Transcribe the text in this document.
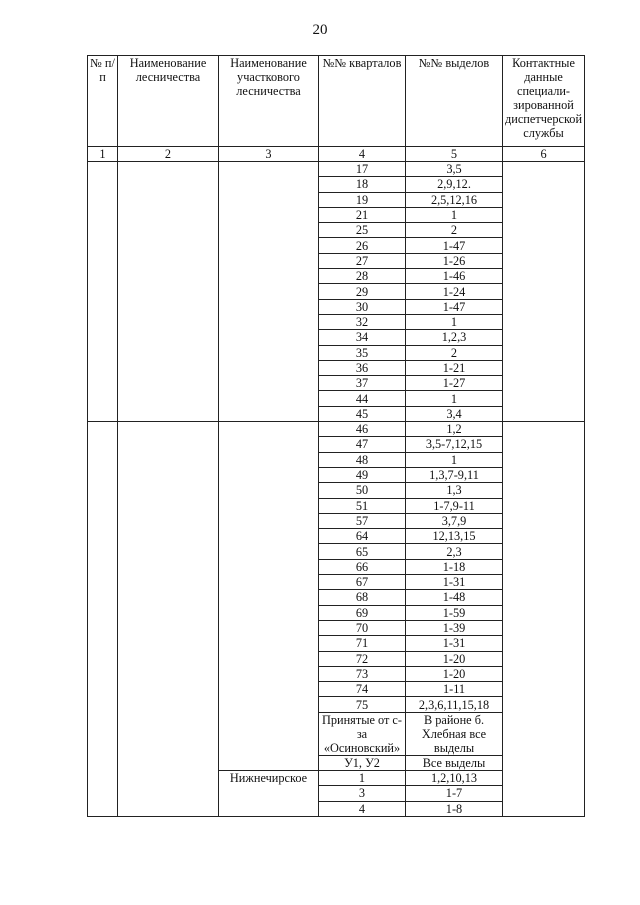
20
№ п/п	Наименование лесничества	Наименование участкового лесничества	№№ кварталов	№№ выделов	Контактные данные специали-зированной диспетчерской службы
1	2	3	4	5	6
			17	3,5	
			18	2,9,12.	
			19	2,5,12,16	
			21	1	
			25	2	
			26	1-47	
			27	1-26	
			28	1-46	
			29	1-24	
			30	1-47	
			32	1	
			34	1,2,3	
			35	2	
			36	1-21	
			37	1-27	
			44	1	
			45	3,4	
			46	1,2	
			47	3,5-7,12,15	
			48	1	
			49	1,3,7-9,11	
			50	1,3	
			51	1-7,9-11	
			57	3,7,9	
			64	12,13,15	
			65	2,3	
			66	1-18	
			67	1-31	
			68	1-48	
			69	1-59	
			70	1-39	
			71	1-31	
			72	1-20	
			73	1-20	
			74	1-11	
			75	2,3,6,11,15,18	
			Принятые от с-за «Осиновский»	В районе б. Хлебная все выделы	
			У1, У2	Все выделы	
		Нижнечирское	1	1,2,10,13	
			3	1-7	
			4	1-8	
